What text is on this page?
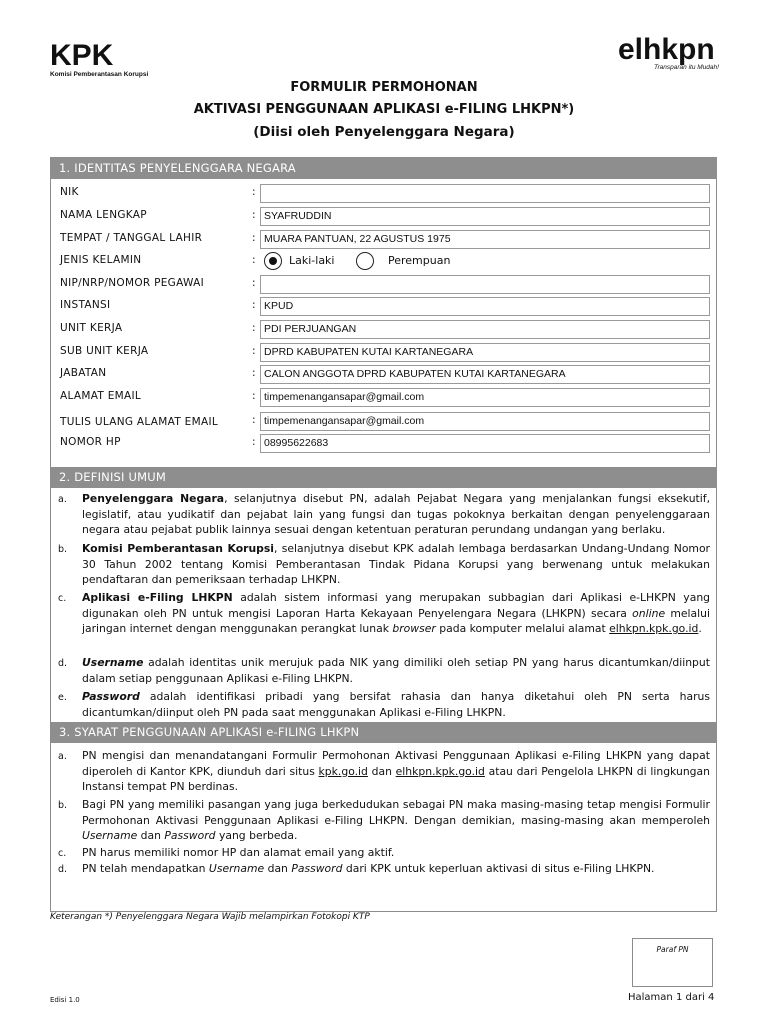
KPK
Komisi Pemberantasan Korupsi
elhkpn
Transparan itu Mudah!
FORMULIR PERMOHONAN
AKTIVASI PENGGUNAAN APLIKASI e-FILING LHKPN*)
(Diisi oleh Penyelenggara Negara)
1. IDENTITAS PENYELENGGARA NEGARA
NIK	:
NAMA LENGKAP	: SYAFRUDDIN
TEMPAT / TANGGAL LAHIR	: MUARA PANTUAN, 22 AGUSTUS 1975
JENIS KELAMIN	:	Laki-laki	Perempuan
NIP/NRP/NOMOR PEGAWAI	:
INSTANSI	: KPUD
UNIT KERJA	: PDI PERJUANGAN
SUB UNIT KERJA	: DPRD KABUPATEN KUTAI KARTANEGARA
JABATAN	: CALON ANGGOTA DPRD KABUPATEN KUTAI KARTANEGARA
ALAMAT EMAIL	: timpemenangansapar@gmail.com
TULIS ULANG ALAMAT EMAIL	: timpemenangansapar@gmail.com
NOMOR HP	: 08995622683
2. DEFINISI UMUM
a. Penyelenggara Negara, selanjutnya disebut PN, adalah Pejabat Negara yang menjalankan fungsi eksekutif, legislatif, atau yudikatif dan pejabat lain yang fungsi dan tugas pokoknya berkaitan dengan penyelenggaraan negara atau pejabat publik lainnya sesuai dengan ketentuan peraturan perundang undangan yang berlaku.
b. Komisi Pemberantasan Korupsi, selanjutnya disebut KPK adalah lembaga berdasarkan Undang-Undang Nomor 30 Tahun 2002 tentang Komisi Pemberantasan Tindak Pidana Korupsi yang berwenang untuk melakukan pendaftaran dan pemeriksaan terhadap LHKPN.
c. Aplikasi e-Filing LHKPN adalah sistem informasi yang merupakan subbagian dari Aplikasi e-LHKPN yang digunakan oleh PN untuk mengisi Laporan Harta Kekayaan Penyelengara Negara (LHKPN) secara online melalui jaringan internet dengan menggunakan perangkat lunak browser pada komputer melalui alamat elhkpn.kpk.go.id.
d. Username adalah identitas unik merujuk pada NIK yang dimiliki oleh setiap PN yang harus dicantumkan/diinput dalam setiap penggunaan Aplikasi e-Filing LHKPN.
e. Password adalah identifikasi pribadi yang bersifat rahasia dan hanya diketahui oleh PN serta harus dicantumkan/diinput oleh PN pada saat menggunakan Aplikasi e-Filing LHKPN.
3. SYARAT PENGGUNAAN APLIKASI e-FILING LHKPN
a. PN mengisi dan menandatangani Formulir Permohonan Aktivasi Penggunaan Aplikasi e-Filing LHKPN yang dapat diperoleh di Kantor KPK, diunduh dari situs kpk.go.id dan elhkpn.kpk.go.id atau dari Pengelola LHKPN di lingkungan Instansi tempat PN berdinas.
b. Bagi PN yang memiliki pasangan yang juga berkedudukan sebagai PN maka masing-masing tetap mengisi Formulir Permohonan Aktivasi Penggunaan Aplikasi e-Filing LHKPN. Dengan demikian, masing-masing akan memperoleh Username dan Password yang berbeda.
c. PN harus memiliki nomor HP dan alamat email yang aktif.
d. PN telah mendapatkan Username dan Password dari KPK untuk keperluan aktivasi di situs e-Filing LHKPN.
Keterangan *) Penyelenggara Negara Wajib melampirkan Fotokopi KTP
Paraf PN
Edisi 1.0	Halaman 1 dari 4
